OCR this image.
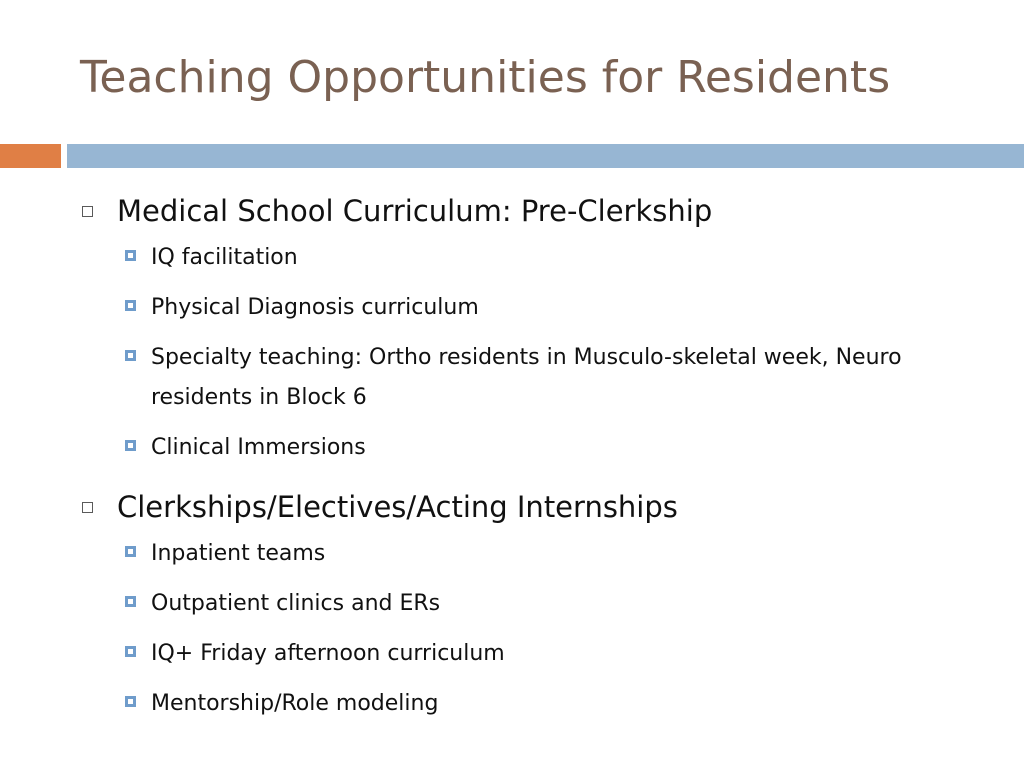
Teaching Opportunities for Residents
Medical School Curriculum: Pre-Clerkship
IQ facilitation
Physical Diagnosis curriculum
Specialty teaching: Ortho residents in Musculo-skeletal week, Neuro residents in Block 6
Clinical Immersions
Clerkships/Electives/Acting Internships
Inpatient teams
Outpatient clinics and ERs
IQ+ Friday afternoon curriculum
Mentorship/Role modeling
